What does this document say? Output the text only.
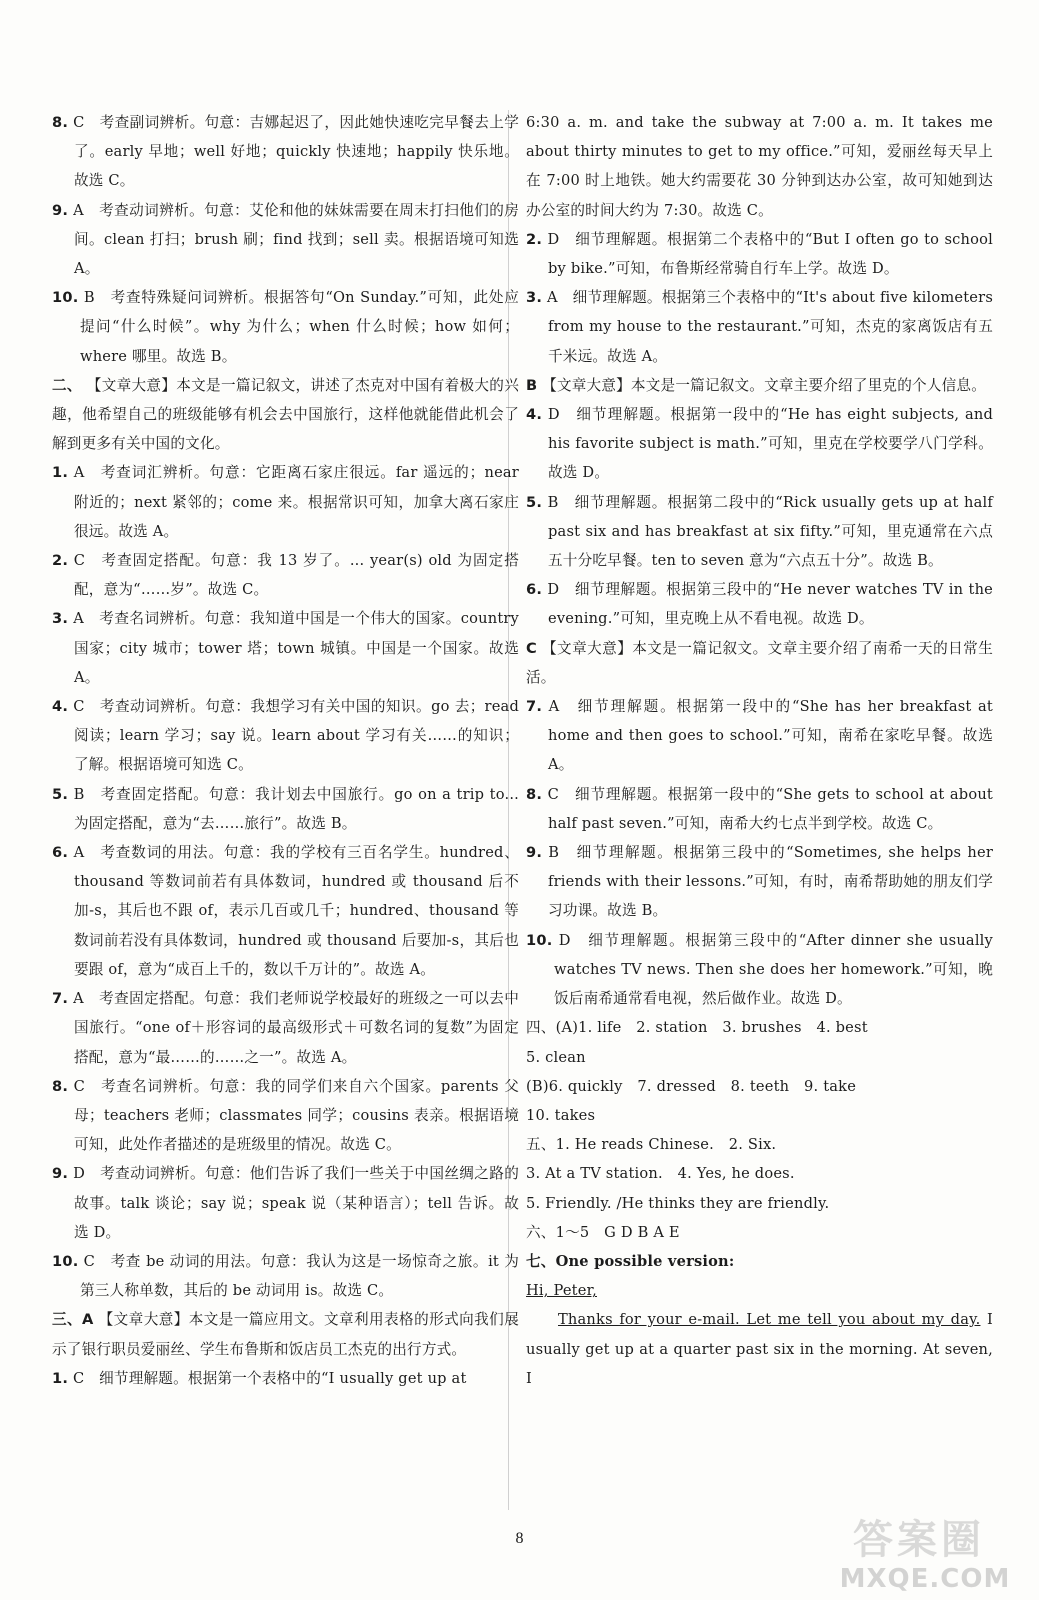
8. C　考查副词辨析。句意：吉娜起迟了，因此她快速吃完早餐去上学了。early 早地；well 好地；quickly 快速地；happily 快乐地。故选 C。

9. A　考查动词辨析。句意：艾伦和他的妹妹需要在周末打扫他们的房间。clean 打扫；brush 刷；find 找到；sell 卖。根据语境可知选 A。

10. B　考查特殊疑问词辨析。根据答句“On Sunday.”可知，此处应提问“什么时候”。why 为什么；when 什么时候；how 如何；where 哪里。故选 B。

二、 【文章大意】本文是一篇记叙文，讲述了杰克对中国有着极大的兴趣，他希望自己的班级能够有机会去中国旅行，这样他就能借此机会了解到更多有关中国的文化。

1. A　考查词汇辨析。句意：它距离石家庄很远。far 遥远的；near 附近的；next 紧邻的；come 来。根据常识可知，加拿大离石家庄很远。故选 A。

2. C　考查固定搭配。句意：我 13 岁了。... year(s) old 为固定搭配，意为“……岁”。故选 C。

3. A　考查名词辨析。句意：我知道中国是一个伟大的国家。country 国家；city 城市；tower 塔；town 城镇。中国是一个国家。故选 A。

4. C　考查动词辨析。句意：我想学习有关中国的知识。go 去；read 阅读；learn 学习；say 说。learn about 学习有关……的知识；了解。根据语境可知选 C。

5. B　考查固定搭配。句意：我计划去中国旅行。go on a trip to... 为固定搭配，意为“去……旅行”。故选 B。

6. A　考查数词的用法。句意：我的学校有三百名学生。hundred、thousand 等数词前若有具体数词，hundred 或 thousand 后不加-s，其后也不跟 of，表示几百或几千；hundred、thousand 等数词前若没有具体数词，hundred 或 thousand 后要加-s，其后也要跟 of，意为“成百上千的，数以千万计的”。故选 A。

7. A　考查固定搭配。句意：我们老师说学校最好的班级之一可以去中国旅行。“one of＋形容词的最高级形式＋可数名词的复数”为固定搭配，意为“最……的……之一”。故选 A。

8. C　考查名词辨析。句意：我的同学们来自六个国家。parents 父母；teachers 老师；classmates 同学；cousins 表亲。根据语境可知，此处作者描述的是班级里的情况。故选 C。

9. D　考查动词辨析。句意：他们告诉了我们一些关于中国丝绸之路的故事。talk 谈论；say 说；speak 说（某种语言）；tell 告诉。故选 D。

10. C　考查 be 动词的用法。句意：我认为这是一场惊奇之旅。it 为第三人称单数，其后的 be 动词用 is。故选 C。

三、A 【文章大意】本文是一篇应用文。文章利用表格的形式向我们展示了银行职员爱丽丝、学生布鲁斯和饭店员工杰克的出行方式。

1. C　细节理解题。根据第一个表格中的“I usually get up at

6:30 a. m. and take the subway at 7:00 a. m. It takes me about thirty minutes to get to my office.”可知，爱丽丝每天早上在 7:00 时上地铁。她大约需要花 30 分钟到达办公室，故可知她到达办公室的时间大约为 7:30。故选 C。

2. D　细节理解题。根据第二个表格中的“But I often go to school by bike.”可知，布鲁斯经常骑自行车上学。故选 D。

3. A　细节理解题。根据第三个表格中的“It's about five kilometers from my house to the restaurant.”可知，杰克的家离饭店有五千米远。故选 A。

B 【文章大意】本文是一篇记叙文。文章主要介绍了里克的个人信息。

4. D　细节理解题。根据第一段中的“He has eight subjects, and his favorite subject is math.”可知，里克在学校要学八门学科。故选 D。

5. B　细节理解题。根据第二段中的“Rick usually gets up at half past six and has breakfast at six fifty.”可知，里克通常在六点五十分吃早餐。ten to seven 意为“六点五十分”。故选 B。

6. D　细节理解题。根据第三段中的“He never watches TV in the evening.”可知，里克晚上从不看电视。故选 D。

C 【文章大意】本文是一篇记叙文。文章主要介绍了南希一天的日常生活。

7. A　细节理解题。根据第一段中的“She has her breakfast at home and then goes to school.”可知，南希在家吃早餐。故选 A。

8. C　细节理解题。根据第一段中的“She gets to school at about half past seven.”可知，南希大约七点半到学校。故选 C。

9. B　细节理解题。根据第三段中的“Sometimes, she helps her friends with their lessons.”可知，有时，南希帮助她的朋友们学习功课。故选 B。

10. D　细节理解题。根据第三段中的“After dinner she usually watches TV news. Then she does her homework.”可知，晚饭后南希通常看电视，然后做作业。故选 D。

四、(A)1. life　2. station　3. brushes　4. best

5. clean

(B)6. quickly　7. dressed　8. teeth　9. take

10. takes

五、1. He reads Chinese.　2. Six.

3. At a TV station.　4. Yes, he does.

5. Friendly. /He thinks they are friendly.

六、1～5　G D B A E

七、One possible version:

Hi, Peter,

Thanks for your e-mail. Let me tell you about my day. I usually get up at a quarter past six in the morning. At seven, I

8	答案圈
MXQE.COM
